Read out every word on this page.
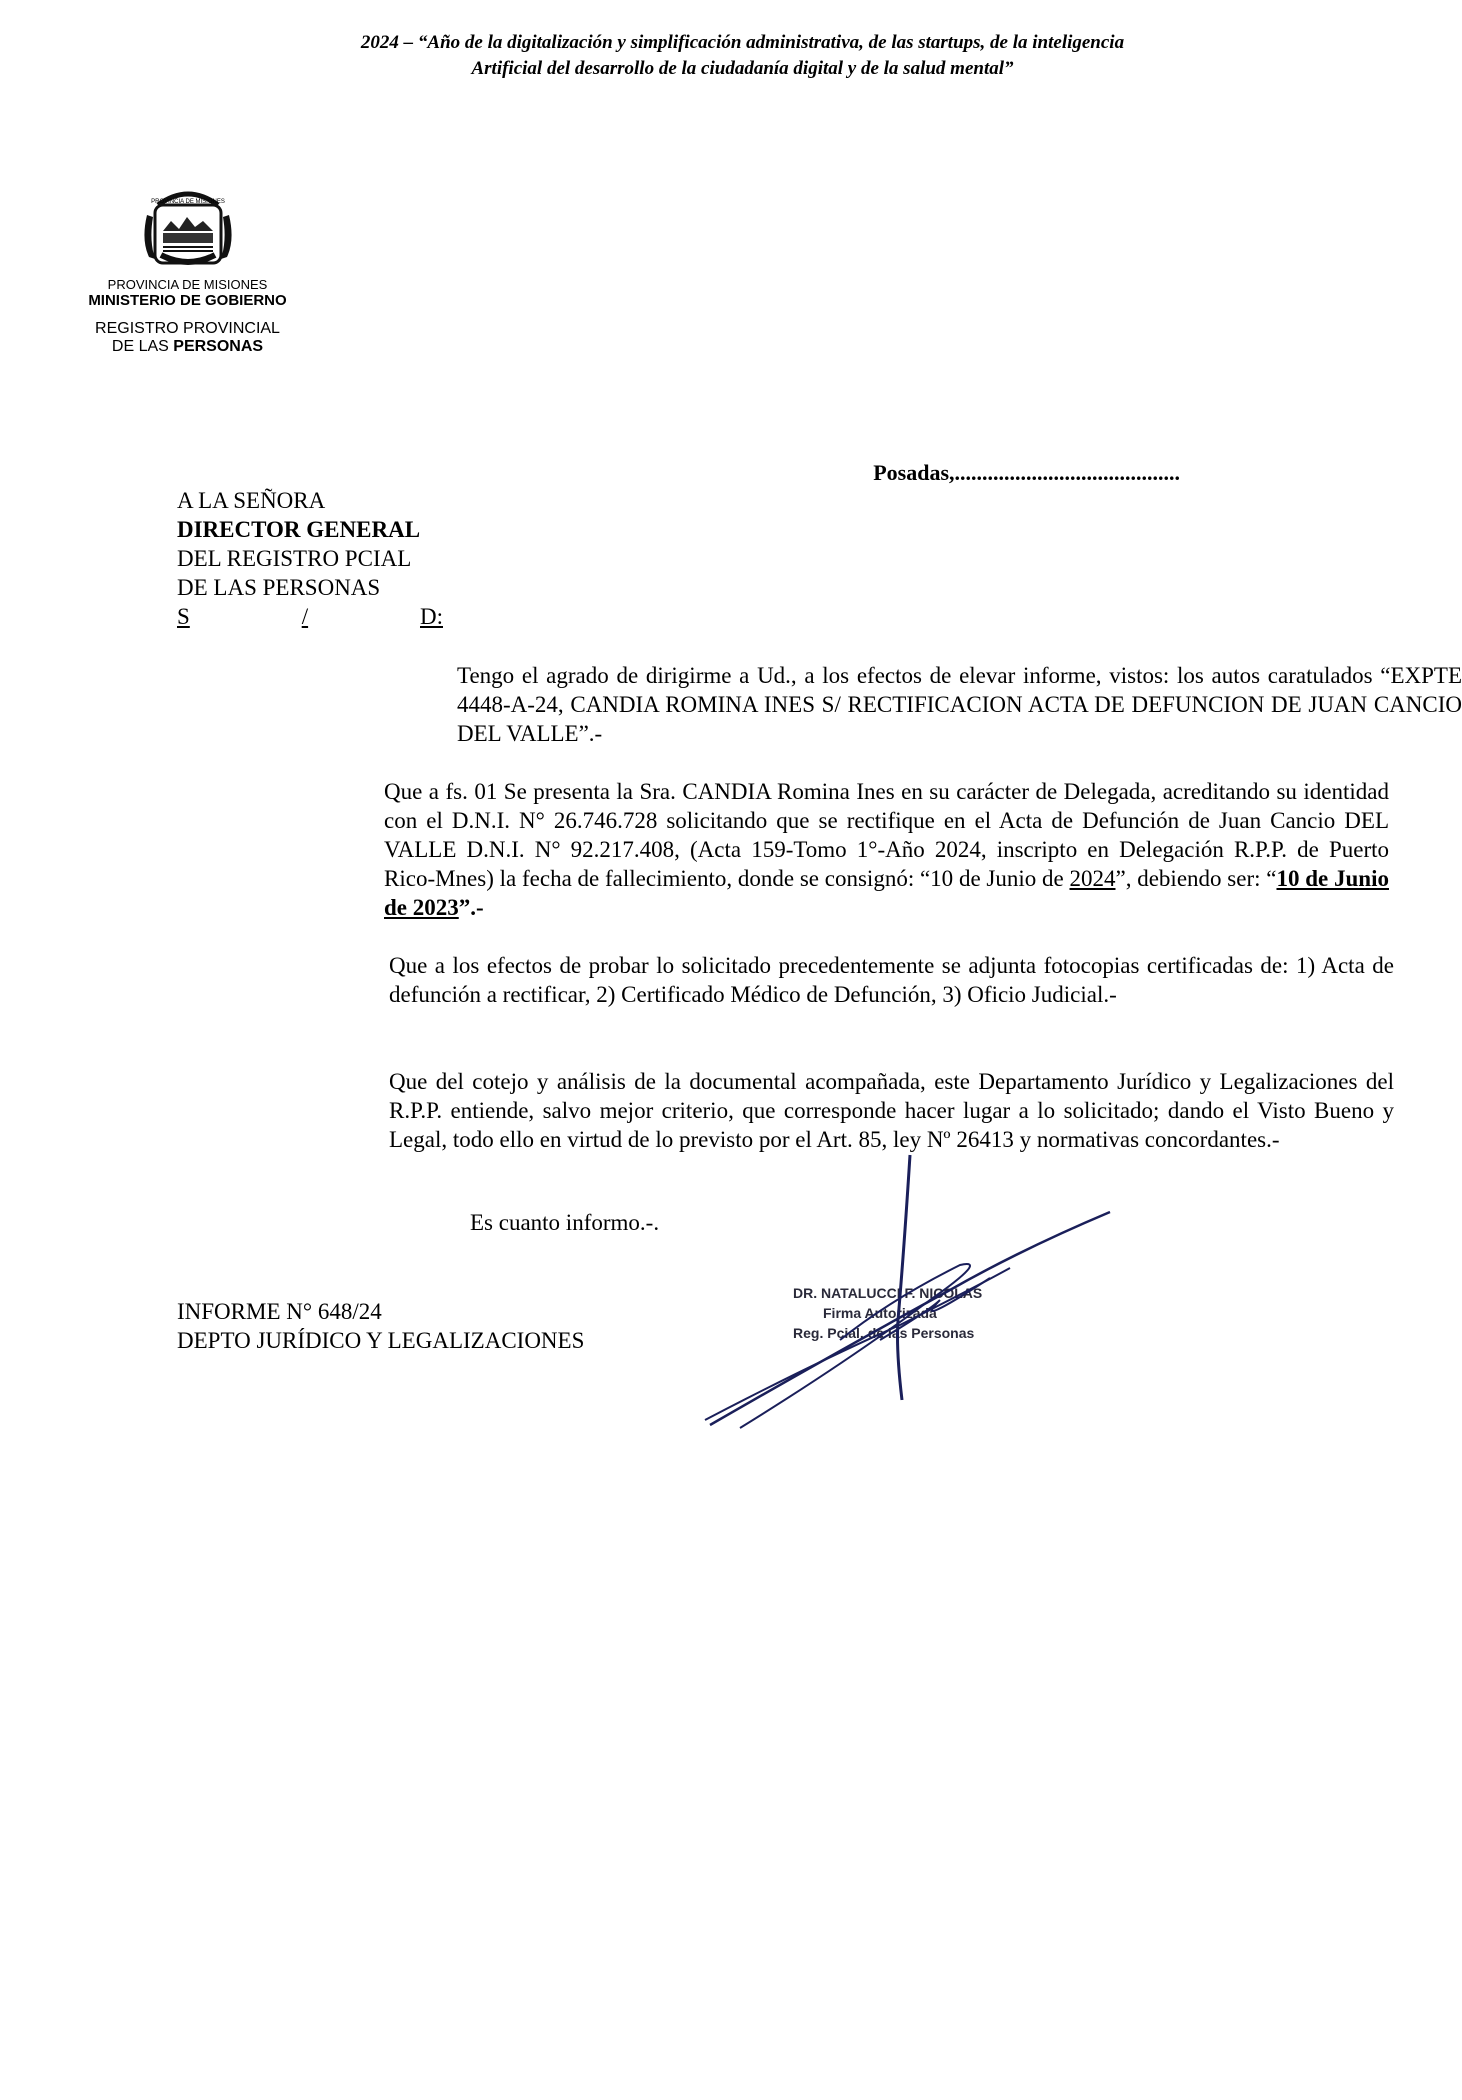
2024 – “Año de la digitalización y simplificación administrativa, de las startups, de la inteligencia
Artificial del desarrollo de la ciudadanía digital y de la salud mental”
PROVINCIA DE MISIONES
PROVINCIA DE MISIONES
MINISTERIO DE GOBIERNO
REGISTRO PROVINCIAL
DE LAS PERSONAS
Posadas,.........................................
A LA SEÑORA
DIRECTOR GENERAL
DEL REGISTRO PCIAL
DE LAS PERSONAS
S	/	D:
Tengo el agrado de dirigirme a Ud., a los efectos de elevar informe, vistos: los autos caratulados “EXPTE 4448-A-24, CANDIA ROMINA INES S/ RECTIFICACION ACTA DE DEFUNCION DE JUAN CANCIO DEL VALLE”.-
Que a fs. 01 Se presenta la Sra. CANDIA Romina Ines en su carácter de Delegada, acreditando su identidad con el D.N.I. N° 26.746.728 solicitando que se rectifique en el Acta de Defunción de Juan Cancio DEL VALLE D.N.I. N° 92.217.408, (Acta 159-Tomo 1°-Año 2024, inscripto en Delegación R.P.P. de Puerto Rico-Mnes) la fecha de fallecimiento, donde se consignó: “10 de Junio de 2024”, debiendo ser: “10 de Junio de 2023”.-
Que a los efectos de probar lo solicitado precedentemente se adjunta fotocopias certificadas de: 1) Acta de defunción a rectificar, 2) Certificado Médico de Defunción, 3) Oficio Judicial.-
Que del cotejo y análisis de la documental acompañada, este Departamento Jurídico y Legalizaciones del R.P.P. entiende, salvo mejor criterio, que corresponde hacer lugar a lo solicitado; dando el Visto Bueno y Legal, todo ello en virtud de lo previsto por el Art. 85, ley Nº 26413 y normativas concordantes.-
Es cuanto informo.-.
INFORME N° 648/24
DEPTO JURÍDICO Y LEGALIZACIONES
DR. NATALUCCI F. NICOLAS
Firma Autorizada
Reg. Pcial. de las Personas
